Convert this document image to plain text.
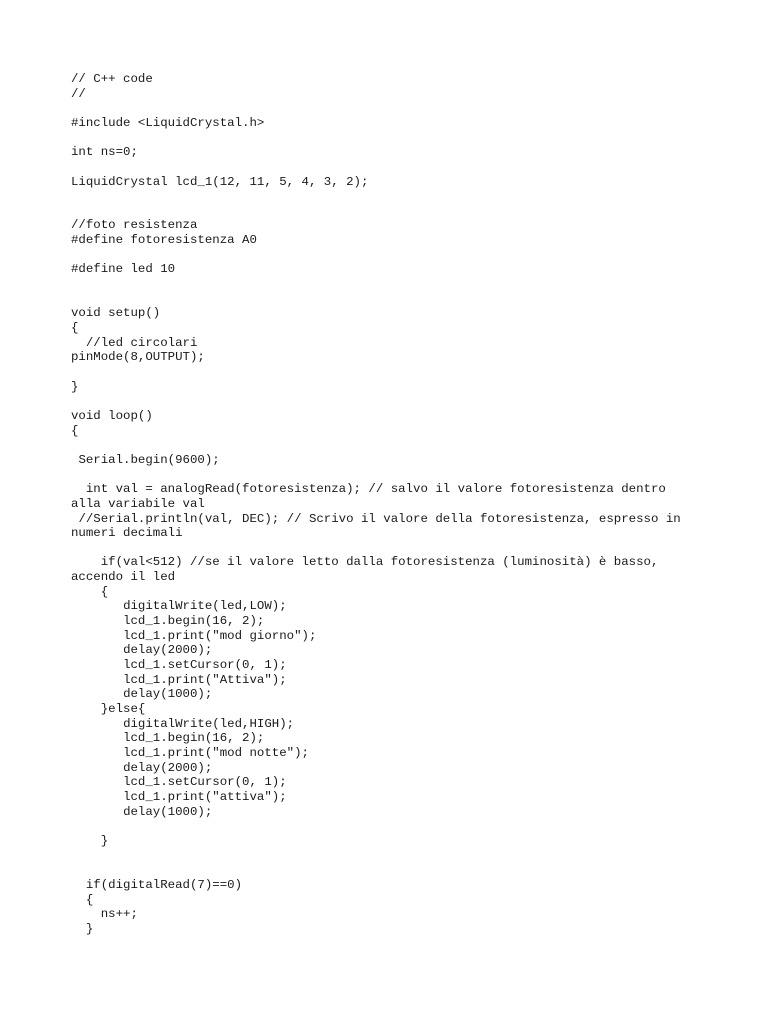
// C++ code
//
#include <LiquidCrystal.h>
int ns=0;
LiquidCrystal lcd_1(12, 11, 5, 4, 3, 2);
//foto resistenza
#define fotoresistenza A0
#define led 10
void setup()
{
//led circolari
pinMode(8,OUTPUT);
}
void loop()
{
Serial.begin(9600);
int val = analogRead(fotoresistenza); // salvo il valore fotoresistenza dentro
alla variabile val
//Serial.println(val, DEC); // Scrivo il valore della fotoresistenza, espresso in
numeri decimali
if(val<512) //se il valore letto dalla fotoresistenza (luminosità) è basso,
accendo il led
{
digitalWrite(led,LOW);
lcd_1.begin(16, 2);
lcd_1.print("mod giorno");
delay(2000);
lcd_1.setCursor(0, 1);
lcd_1.print("Attiva");
delay(1000);
}else{
digitalWrite(led,HIGH);
lcd_1.begin(16, 2);
lcd_1.print("mod notte");
delay(2000);
lcd_1.setCursor(0, 1);
lcd_1.print("attiva");
delay(1000);
}
if(digitalRead(7)==0)
{
ns++;
}
